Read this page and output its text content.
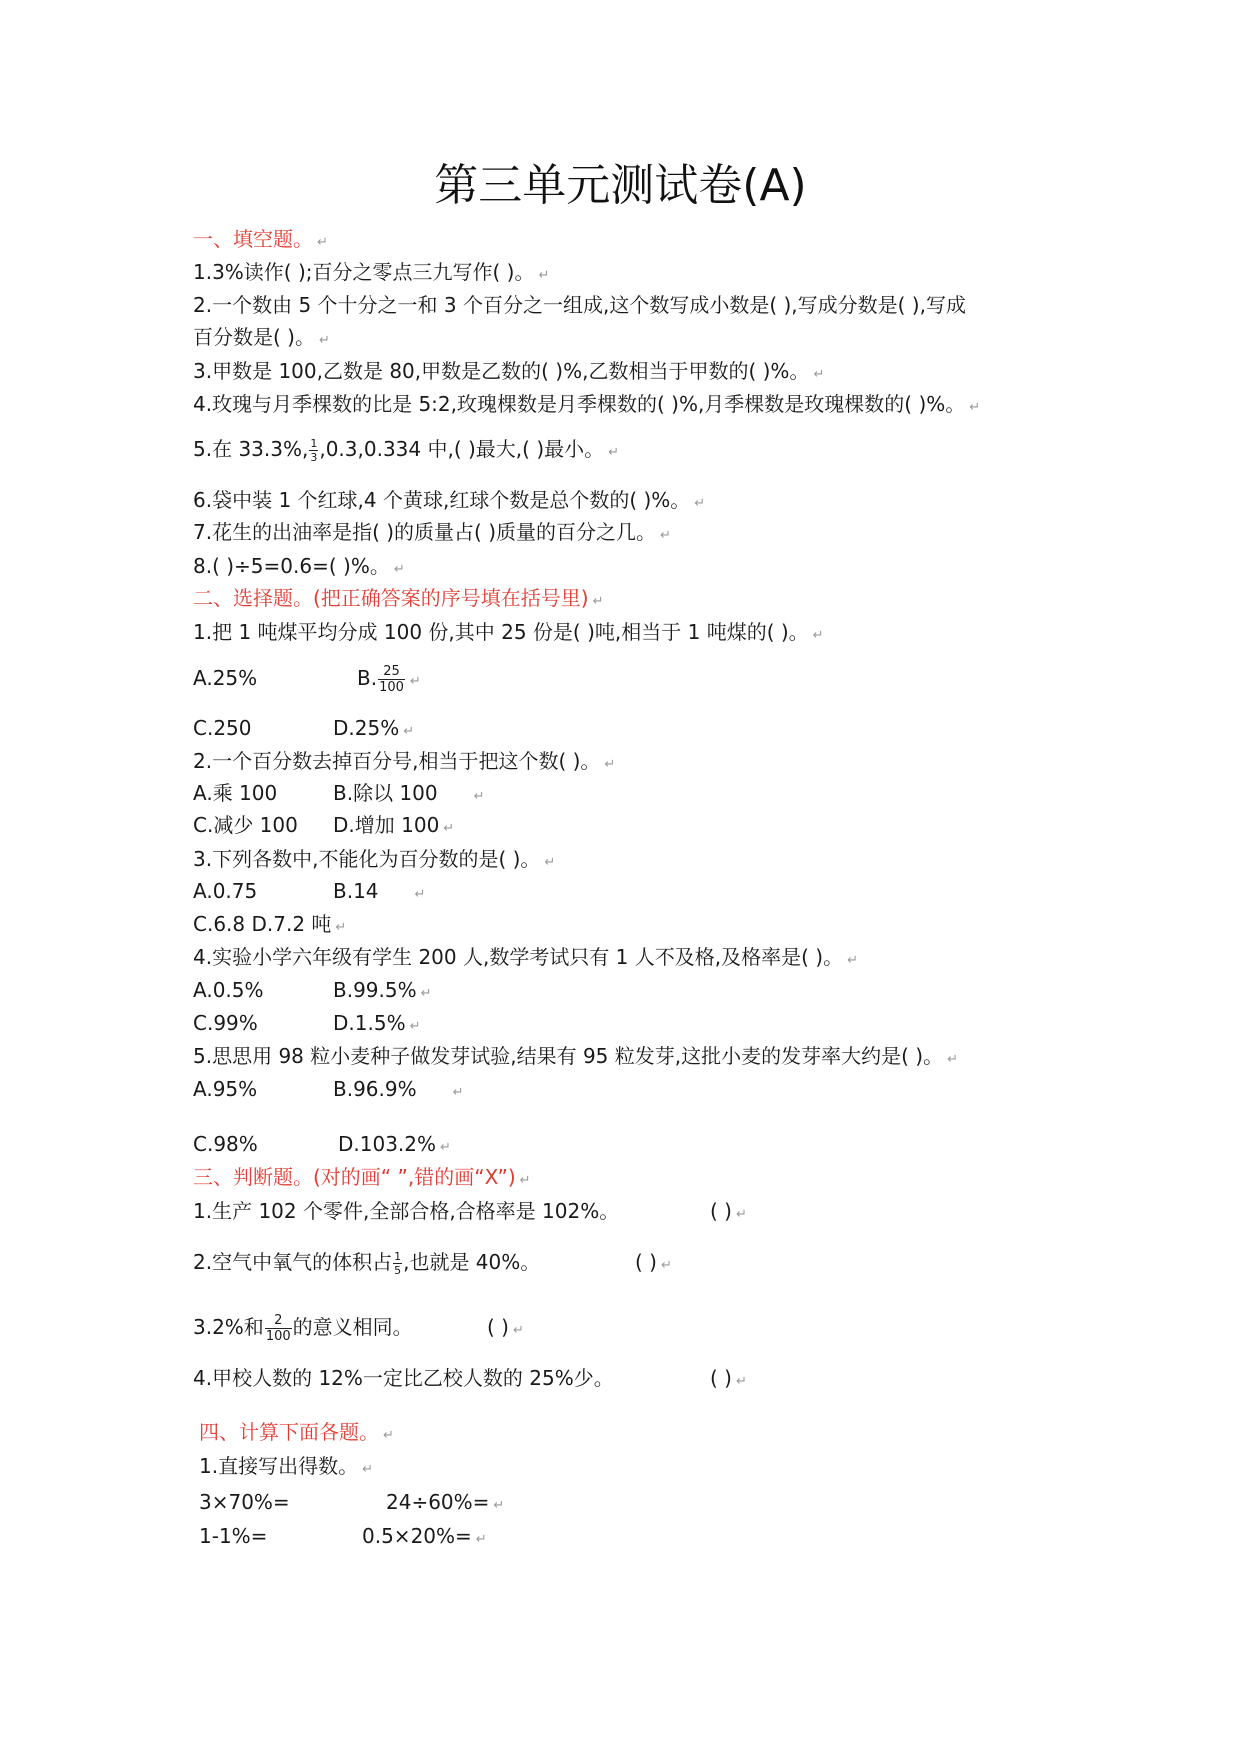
第三单元测试卷(A)
一、填空题。 ↵
1.3%读作( );百分之零点三九写作( )。 ↵
2.一个数由 5 个十分之一和 3 个百分之一组成,这个数写成小数是( ),写成分数是( ),写成
百分数是( )。 ↵
3.甲数是 100,乙数是 80,甲数是乙数的( )%,乙数相当于甲数的( )%。 ↵
4.玫瑰与月季棵数的比是 5:2,玫瑰棵数是月季棵数的( )%,月季棵数是玫瑰棵数的( )%。 ↵
5.在 33.3%, $\frac{1}{3} ,0.3,0.334$ 中,( )最大,( )最小。 ↵
6.袋中装 1 个红球,4 个黄球,红球个数是总个数的( )%。 ↵
7.花生的出油率是指( )的质量占( )质量的百分之几。 ↵
8.( )÷5=0.6=( )%。 ↵
二、选择题。(把正确答案的序号填在括号里) ↵
1.把 1 吨煤平均分成 100 份,其中 25 份是( )吨,相当于 1 吨煤的( )。 ↵
A.25%	B. $\frac{25}{100}$ ↵
C.250	D.25% ↵
2.一个百分数去掉百分号,相当于把这个数( )。 ↵
A.乘 100	B.除以 100	↵
C.减少 100 D.增加 100 ↵
3.下列各数中,不能化为百分数的是( )。 ↵
A.0.75	B.14	↵
C.6.8 D.7.2 吨 ↵
4.实验小学六年级有学生 200 人,数学考试只有 1 人不及格,及格率是( )。 ↵
A.0.5%	B.99.5% ↵
C.99%	D.1.5% ↵
5.思思用 98 粒小麦种子做发芽试验,结果有 95 粒发芽,这批小麦的发芽率大约是( )。 ↵
A.95%	B.96.9%	↵
C.98%	D.103.2% ↵
三、判断题。(对的画“ ”,错的画“X”) ↵
1.生产 102 个零件,全部合格,合格率是 102%。	( ) ↵
2.空气中氧气的体积占 $\frac{1}{5}$ ,也就是 40%。	( ) ↵
3.2%和 $\frac{2}{100}$ 的意义相同。	( ) ↵
4.甲校人数的 12%一定比乙校人数的 25%少。	( ) ↵
四、计算下面各题。 ↵
1.直接写出得数。 ↵
3×70%=	24÷60%= ↵
1-1%=	0.5×20%= ↵
